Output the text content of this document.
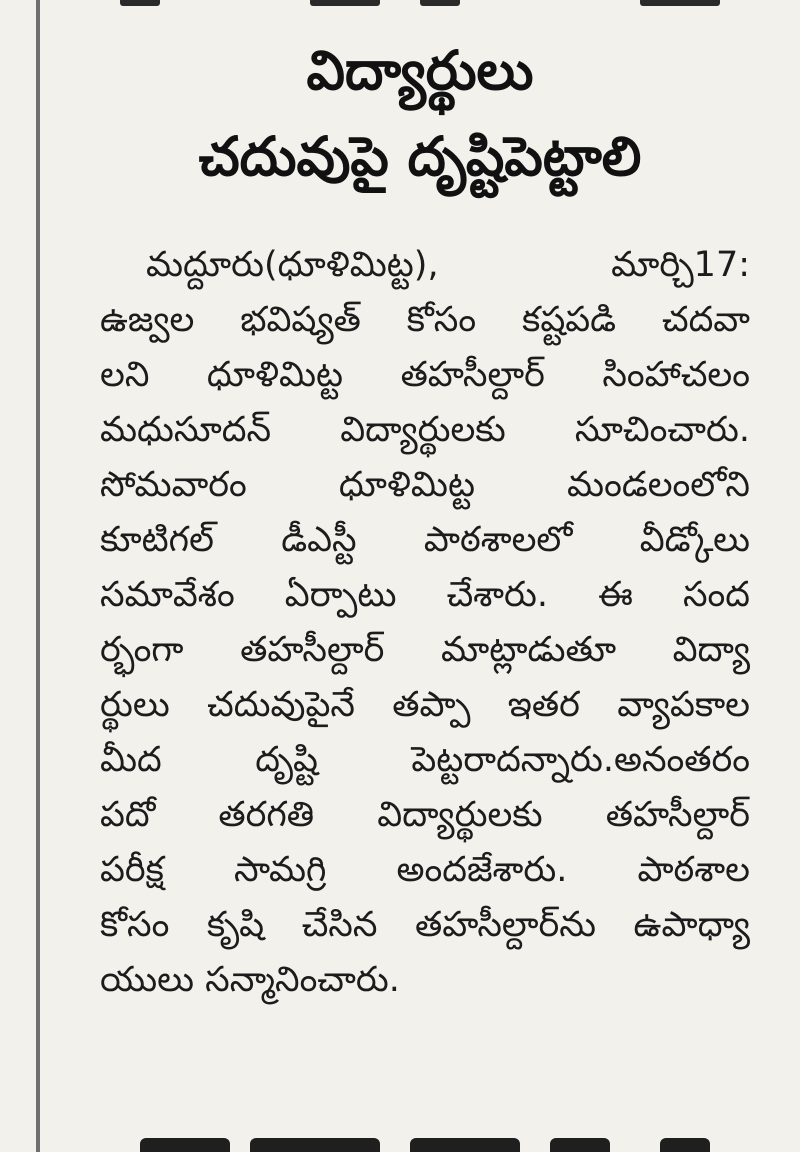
విద్యార్థులు
చదువుపై దృష్టిపెట్టాలి
మద్దూరు(ధూళిమిట్ట),	మార్చి17:
ఉజ్వల భవిష్యత్ కోసం కష్టపడి చదవా
లని ధూళిమిట్ట తహసీల్దార్ సింహాచలం
మధుసూదన్ విద్యార్థులకు సూచించారు.
సోమవారం ధూళిమిట్ట మండలంలోని
కూటిగల్ డీఎస్టీ పాఠశాలలో వీడ్కోలు
సమావేశం ఏర్పాటు చేశారు. ఈ సంద
ర్భంగా తహసీల్దార్ మాట్లాడుతూ విద్యా
ర్థులు చదువుపైనే తప్పా ఇతర వ్యాపకాల
మీద దృష్టి పెట్టరాదన్నారు.అనంతరం
పదో తరగతి విద్యార్థులకు తహసీల్దార్
పరీక్ష సామగ్రి అందజేశారు. పాఠశాల
కోసం కృషి చేసిన తహసీల్దార్‌ను ఉపాధ్యా
యులు సన్మానించారు.
